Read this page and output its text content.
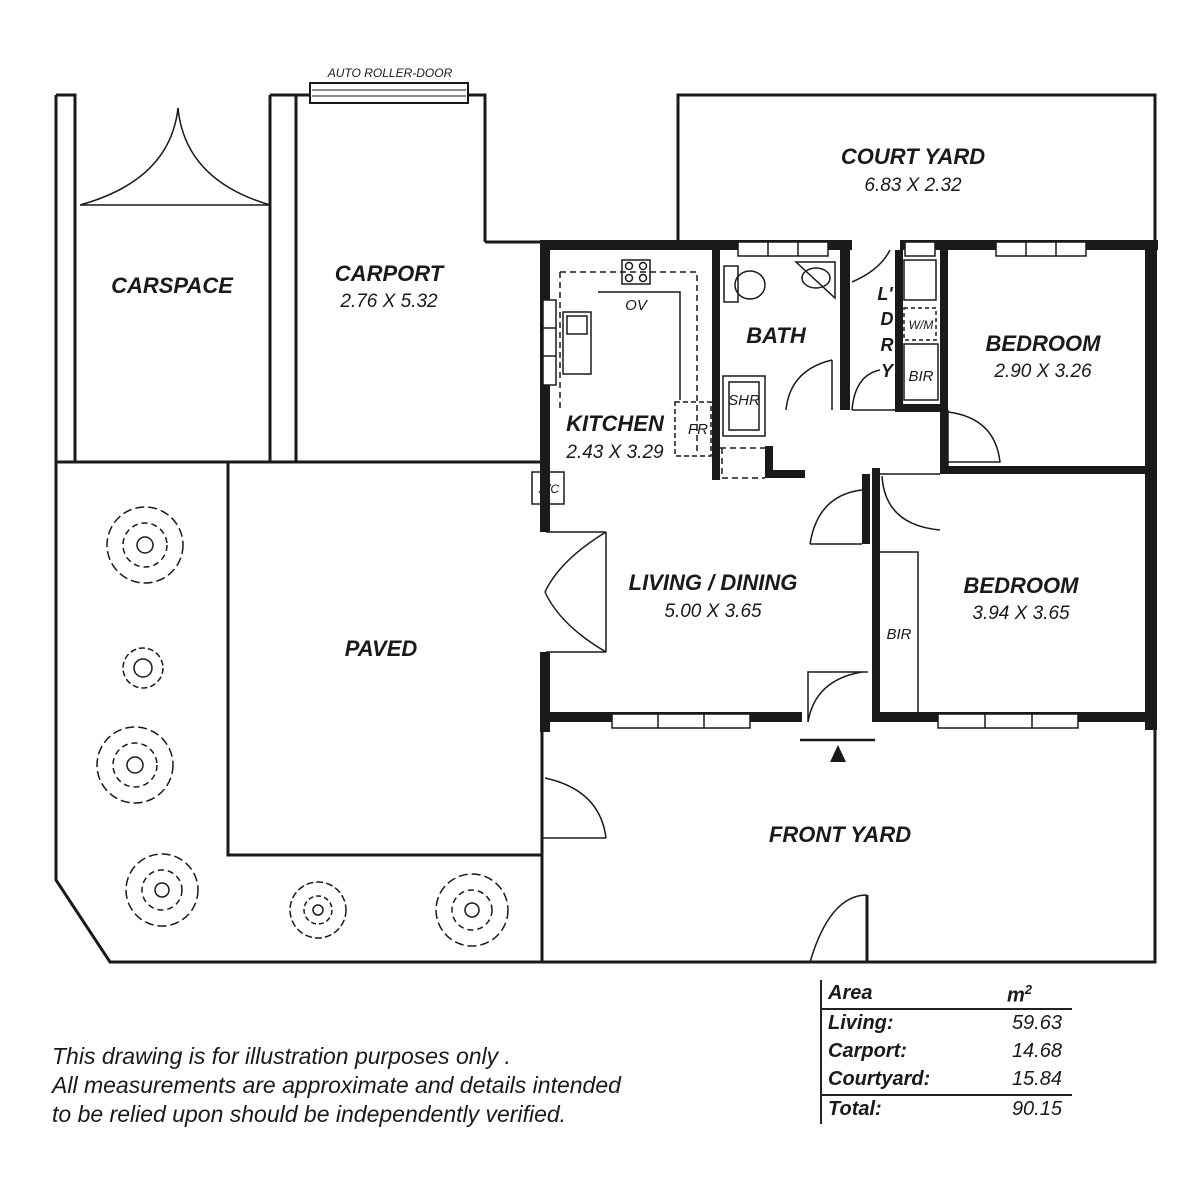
AUTO ROLLER-DOOR
COURT YARD
6.83 X 2.32
CARSPACE	CARPORT
2.76 X 5.32	OV
KITCHEN
2.43 X 3.29
FR
A/C
BATH
SHR
L'
D
R
Y
W/M
BIR
BEDROOM
2.90 X 3.26
LIVING / DINING
5.00 X 3.65
BIR
BEDROOM
3.94 X 3.65
PAVED
FRONT YARD
This drawing is for illustration purposes only .
All measurements are approximate and details intended
to be relied upon should be independently verified.
Area	$m^2$
Living:	59.63
Carport:	14.68
Courtyard:	15.84
Total:	90.15
